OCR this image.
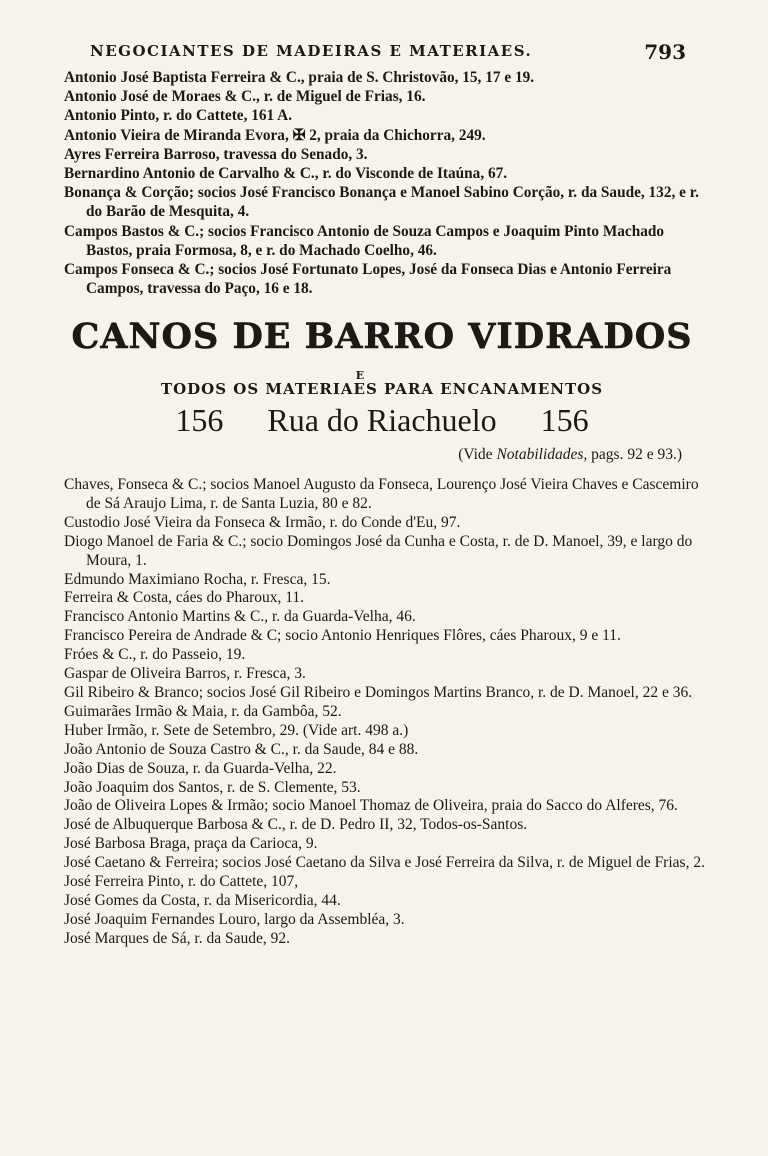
NEGOCIANTES DE MADEIRAS E MATERIAES.	793
Antonio José Baptista Ferreira & C., praia de S. Christovão, 15, 17 e 19.
Antonio José de Moraes & C., r. de Miguel de Frias, 16.
Antonio Pinto, r. do Cattete, 161 A.
Antonio Vieira de Miranda Evora, ✠ 2, praia da Chichorra, 249.
Ayres Ferreira Barroso, travessa do Senado, 3.
Bernardino Antonio de Carvalho & C., r. do Visconde de Itaúna, 67.
Bonança & Corção; socios José Francisco Bonança e Manoel Sabino Corção, r. da Saude, 132, e r. do Barão de Mesquita, 4.
Campos Bastos & C.; socios Francisco Antonio de Souza Campos e Joaquim Pinto Machado Bastos, praia Formosa, 8, e r. do Machado Coelho, 46.
Campos Fonseca & C.; socios José Fortunato Lopes, José da Fonseca Dias e Antonio Ferreira Campos, travessa do Paço, 16 e 18.
CANOS DE BARRO VIDRADOS
E
TODOS OS MATERIAES PARA ENCANAMENTOS
156 Rua do Riachuelo 156
(Vide Notabilidades, pags. 92 e 93.)
Chaves, Fonseca & C.; socios Manoel Augusto da Fonseca, Lourenço José Vieira Chaves e Cascemiro de Sá Araujo Lima, r. de Santa Luzia, 80 e 82.
Custodio José Vieira da Fonseca & Irmão, r. do Conde d'Eu, 97.
Diogo Manoel de Faria & C.; socio Domingos José da Cunha e Costa, r. de D. Manoel, 39, e largo do Moura, 1.
Edmundo Maximiano Rocha, r. Fresca, 15.
Ferreira & Costa, cáes do Pharoux, 11.
Francisco Antonio Martins & C., r. da Guarda-Velha, 46.
Francisco Pereira de Andrade & C; socio Antonio Henriques Flôres, cáes Pharoux, 9 e 11.
Fróes & C., r. do Passeio, 19.
Gaspar de Oliveira Barros, r. Fresca, 3.
Gil Ribeiro & Branco; socios José Gil Ribeiro e Domingos Martins Branco, r. de D. Manoel, 22 e 36.
Guimarães Irmão & Maia, r. da Gambôa, 52.
Huber Irmão, r. Sete de Setembro, 29. (Vide art. 498 a.)
João Antonio de Souza Castro & C., r. da Saude, 84 e 88.
João Dias de Souza, r. da Guarda-Velha, 22.
João Joaquim dos Santos, r. de S. Clemente, 53.
João de Oliveira Lopes & Irmão; socio Manoel Thomaz de Oliveira, praia do Sacco do Alferes, 76.
José de Albuquerque Barbosa & C., r. de D. Pedro II, 32, Todos-os-Santos.
José Barbosa Braga, praça da Carioca, 9.
José Caetano & Ferreira; socios José Caetano da Silva e José Ferreira da Silva, r. de Miguel de Frias, 2.
José Ferreira Pinto, r. do Cattete, 107,
José Gomes da Costa, r. da Misericordia, 44.
José Joaquim Fernandes Louro, largo da Assembléa, 3.
José Marques de Sá, r. da Saude, 92.
